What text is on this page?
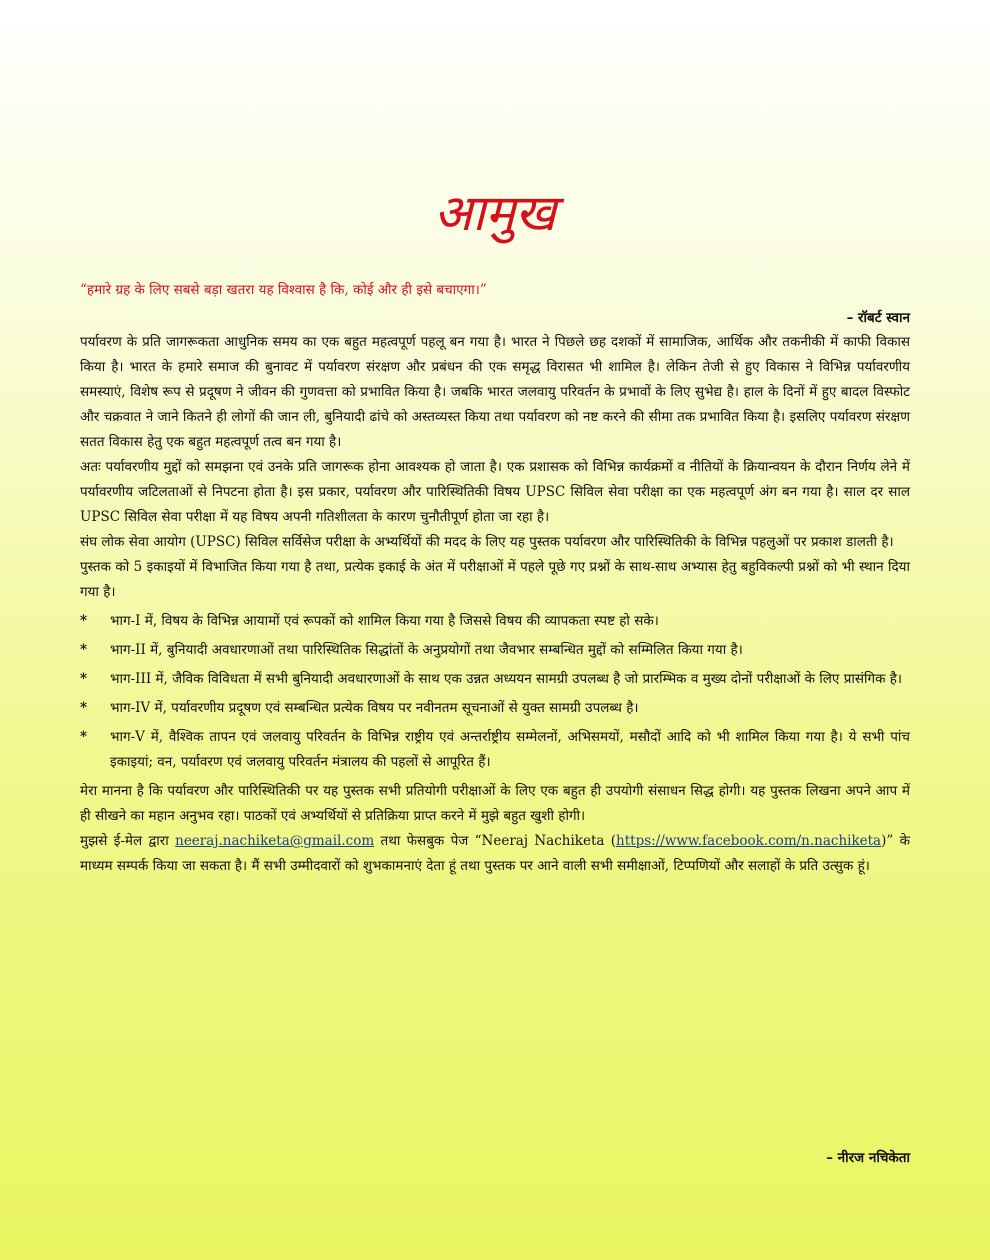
आमुख
“हमारे ग्रह के लिए सबसे बड़ा खतरा यह विश्वास है कि, कोई और ही इसे बचाएगा।”
– रॉबर्ट स्वान

पर्यावरण के प्रति जागरूकता आधुनिक समय का एक बहुत महत्वपूर्ण पहलू बन गया है। भारत ने पिछले छह दशकों में सामाजिक, आर्थिक और तकनीकी में काफी विकास किया है। भारत के हमारे समाज की बुनावट में पर्यावरण संरक्षण और प्रबंधन की एक समृद्ध विरासत भी शामिल है। लेकिन तेजी से हुए विकास ने विभिन्न पर्यावरणीय समस्याएं, विशेष रूप से प्रदूषण ने जीवन की गुणवत्ता को प्रभावित किया है। जबकि भारत जलवायु परिवर्तन के प्रभावों के लिए सुभेद्य है। हाल के दिनों में हुए बादल विस्फोट और चक्रवात ने जाने कितने ही लोगों की जान ली, बुनियादी ढांचे को अस्तव्यस्त किया तथा पर्यावरण को नष्ट करने की सीमा तक प्रभावित किया है। इसलिए पर्यावरण संरक्षण सतत विकास हेतु एक बहुत महत्वपूर्ण तत्व बन गया है।

अतः पर्यावरणीय मुद्दों को समझना एवं उनके प्रति जागरूक होना आवश्यक हो जाता है। एक प्रशासक को विभिन्न कार्यक्रमों व नीतियों के क्रियान्वयन के दौरान निर्णय लेने में पर्यावरणीय जटिलताओं से निपटना होता है। इस प्रकार, पर्यावरण और पारिस्थितिकी विषय UPSC सिविल सेवा परीक्षा का एक महत्वपूर्ण अंग बन गया है। साल दर साल UPSC सिविल सेवा परीक्षा में यह विषय अपनी गतिशीलता के कारण चुनौतीपूर्ण होता जा रहा है।

संघ लोक सेवा आयोग (UPSC) सिविल सर्विसेज परीक्षा के अभ्यर्थियों की मदद के लिए यह पुस्तक पर्यावरण और पारिस्थितिकी के विभिन्न पहलुओं पर प्रकाश डालती है।

पुस्तक को 5 इकाइयों में विभाजित किया गया है तथा, प्रत्येक इकाई के अंत में परीक्षाओं में पहले पूछे गए प्रश्नों के साथ-साथ अभ्यास हेतु बहुविकल्पी प्रश्नों को भी स्थान दिया गया है।

* भाग-I में, विषय के विभिन्न आयामों एवं रूपकों को शामिल किया गया है जिससे विषय की व्यापकता स्पष्ट हो सके।
* भाग-II में, बुनियादी अवधारणाओं तथा पारिस्थितिक सिद्धांतों के अनुप्रयोगों तथा जैवभार सम्बन्धित मुद्दों को सम्मिलित किया गया है।
* भाग-III में, जैविक विविधता में सभी बुनियादी अवधारणाओं के साथ एक उन्नत अध्ययन सामग्री उपलब्ध है जो प्रारम्भिक व मुख्य दोनों परीक्षाओं के लिए प्रासंगिक है।
* भाग-IV में, पर्यावरणीय प्रदूषण एवं सम्बन्धित प्रत्येक विषय पर नवीनतम सूचनाओं से युक्त सामग्री उपलब्ध है।
* भाग-V में, वैश्विक तापन एवं जलवायु परिवर्तन के विभिन्न राष्ट्रीय एवं अन्तर्राष्ट्रीय सम्मेलनों, अभिसमयों, मसौदों आदि को भी शामिल किया गया है। ये सभी पांच इकाइयां; वन, पर्यावरण एवं जलवायु परिवर्तन मंत्रालय की पहलों से आपूरित हैं।

मेरा मानना है कि पर्यावरण और पारिस्थितिकी पर यह पुस्तक सभी प्रतियोगी परीक्षाओं के लिए एक बहुत ही उपयोगी संसाधन सिद्ध होगी। यह पुस्तक लिखना अपने आप में ही सीखने का महान अनुभव रहा। पाठकों एवं अभ्यर्थियों से प्रतिक्रिया प्राप्त करने में मुझे बहुत खुशी होगी।

मुझसे ई-मेल द्वारा neeraj.nachiketa@gmail.com तथा फेसबुक पेज “Neeraj Nachiketa (https://www.facebook.com/n.nachiketa)” के माध्यम सम्पर्क किया जा सकता है। मैं सभी उम्मीदवारों को शुभकामनाएं देता हूं तथा पुस्तक पर आने वाली सभी समीक्षाओं, टिप्पणियों और सलाहों के प्रति उत्सुक हूं।

– नीरज नचिकेता
